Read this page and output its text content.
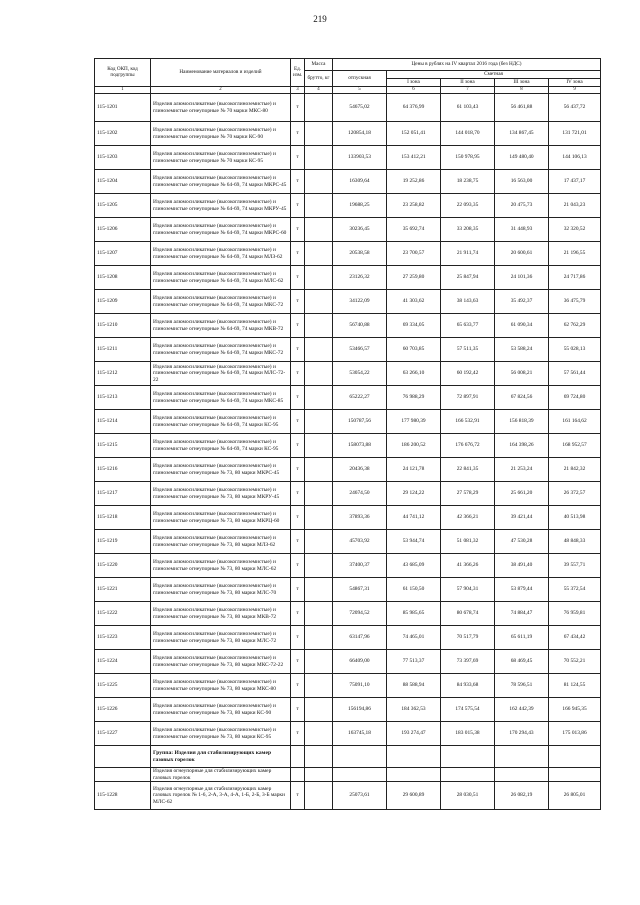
219
Код ОКП, код подгруппы	Наименование материалов и изделий	Ед. изм.	Масса	Цены в рублях на IV квартал 2016 года (без НДС)				
			брутто, кг	отпускная	Сметная			
					I зона	II зона	III зона	IV зона
1	2	3	4	5	6	7	8	9
115-1201	Изделия алюмосиликатные (высокоглиноземистые) и глиноземистые огнеупорные № 70 марки МКС-80	т		54675,02	64 376,99	61 103,43	56 461,88	56 437,72
115-1202	Изделия алюмосиликатные (высокоглиноземистые) и глиноземистые огнеупорные № 70 марки КС-90	т		120854,18	152 051,41	144 018,70	134 867,45	131 721,01
115-1203	Изделия алюмосиликатные (высокоглиноземистые) и глиноземистые огнеупорные № 70 марки КС-95	т		133903,53	153 412,21	150 978,95	149 480,40	144 106,13
115-1204	Изделия алюмосиликатные (высокоглиноземистые) и глиноземистые огнеупорные № 64-69, 74 марки МКРС-45	т		16309,64	19 252,86	18 238,75	16 563,00	17 437,17
115-1205	Изделия алюмосиликатные (высокоглиноземистые) и глиноземистые огнеупорные № 64-69, 74 марки МКРУ-45	т		19688,25	23 258,82	22 093,35	20 475,73	21 043,23
115-1206	Изделия алюмосиликатные (высокоглиноземистые) и глиноземистые огнеупорные № 64-69, 74 марки МКРС-60	т		30236,45	35 692,74	33 208,35	31 448,93	32 320,52
115-1207	Изделия алюмосиликатные (высокоглиноземистые) и глиноземистые огнеупорные № 64-69, 74 марки МЛЗ-62	т		20538,58	23 700,57	21 911,74	20 600,61	21 196,55
115-1208	Изделия алюмосиликатные (высокоглиноземистые) и глиноземистые огнеупорные № 64-69, 74 марки МЛС-62	т		23126,32	27 259,80	25 847,94	24 101,36	24 717,86
115-1209	Изделия алюмосиликатные (высокоглиноземистые) и глиноземистые огнеупорные № 64-69, 74 марки МКС-72	т		34122,09	41 303,62	38 143,63	35 492,37	36 475,79
115-1210	Изделия алюмосиликатные (высокоглиноземистые) и глиноземистые огнеупорные № 64-69, 74 марки МКВ-72	т		56740,88	69 334,05	65 633,77	61 090,34	62 762,29
115-1211	Изделия алюмосиликатные (высокоглиноземистые) и глиноземистые огнеупорные № 64-69, 74 марки МКС-72	т		53466,57	60 703,85	57 511,35	53 588,24	55 028,13
115-1212	Изделия алюмосиликатные (высокоглиноземистые) и глиноземистые огнеупорные № 64-69, 74 марки МЛС-72-22	т		53054,22	63 266,10	60 192,42	56 008,21	57 561,44
115-1213	Изделия алюмосиликатные (высокоглиноземистые) и глиноземистые огнеупорные № 64-69, 74 марки МКС-85	т		65222,27	76 988,29	72 897,91	67 824,56	69 724,80
115-1214	Изделия алюмосиликатные (высокоглиноземистые) и глиноземистые огнеупорные № 64-69, 74 марки КС-95	т		150787,56	177 980,39	166 532,91	156 818,39	161 164,62
115-1215	Изделия алюмосиликатные (высокоглиноземистые) и глиноземистые огнеупорные № 64-69, 74 марки КС-95	т		158073,88	186 200,52	176 676,72	164 398,26	168 952,57
115-1216	Изделия алюмосиликатные (высокоглиноземистые) и глиноземистые огнеупорные № 73, 80 марки МКРС-45	т		20436,38	24 121,78	22 841,35	21 253,24	21 842,32
115-1217	Изделия алюмосиликатные (высокоглиноземистые) и глиноземистые огнеупорные № 73, 80 марки МКРУ-45	т		24674,50	29 124,22	27 578,29	25 661,20	26 372,57
115-1218	Изделия алюмосиликатные (высокоглиноземистые) и глиноземистые огнеупорные № 73, 80 марки МКРЦ-60	т		37893,36	44 741,12	42 366,21	39 421,44	40 513,98
115-1219	Изделия алюмосиликатные (высокоглиноземистые) и глиноземистые огнеупорные № 73, 80 марки МЛЗ-62	т		45703,92	53 944,74	51 081,32	47 530,28	48 848,33
115-1220	Изделия алюмосиликатные (высокоглиноземистые) и глиноземистые огнеупорные № 73, 80 марки МЛС-62	т		37400,37	43 685,09	41 366,26	38 491,40	39 557,71
115-1221	Изделия алюмосиликатные (высокоглиноземистые) и глиноземистые огнеупорные № 73, 80 марки МЛС-70	т		54867,31	61 150,50	57 904,31	53 879,44	55 372,54
115-1222	Изделия алюмосиликатные (высокоглиноземистые) и глиноземистые огнеупорные № 73, 80 марки МКВ-72	т		72094,52	85 985,65	80 678,74	74 884,47	76 959,81
115-1223	Изделия алюмосиликатные (высокоглиноземистые) и глиноземистые огнеупорные № 73, 80 марки МЛС-72	т		63147,96	74 465,01	70 517,79	65 611,19	67 434,42
115-1224	Изделия алюмосиликатные (высокоглиноземистые) и глиноземистые огнеупорные № 73, 80 марки МКС-72-22	т		66409,00	77 513,37	73 397,69	68 469,45	70 552,21
115-1225	Изделия алюмосиликатные (высокоглиноземистые) и глиноземистые огнеупорные № 73, 80 марки МКС-80	т		75091,10	88 588,94	84 933,68	78 596,51	81 124,55
115-1226	Изделия алюмосиликатные (высокоглиноземистые) и глиноземистые огнеупорные № 73, 80 марки КС-90	т		156194,86	184 362,53	174 575,54	162 442,39	166 945,35
115-1227	Изделия алюмосиликатные (высокоглиноземистые) и глиноземистые огнеупорные № 73, 80 марки КС-95	т		163745,18	193 274,47	183 015,38	170 294,43	175 013,86
	Группа: Изделия для стабилизирующих камер газовых горелок							
	Изделия огнеупорные для стабилизирующих камер газовых горелок							
115-1228	Изделия огнеупорные для стабилизирующих камер газовых горелок № 1-6, 2-А, 3-А, 4-А, 1-Б, 2-Б, 3-Б марки МЛС-62	т		25073,61	29 600,89	28 030,51	26 082,19	26 805,01
